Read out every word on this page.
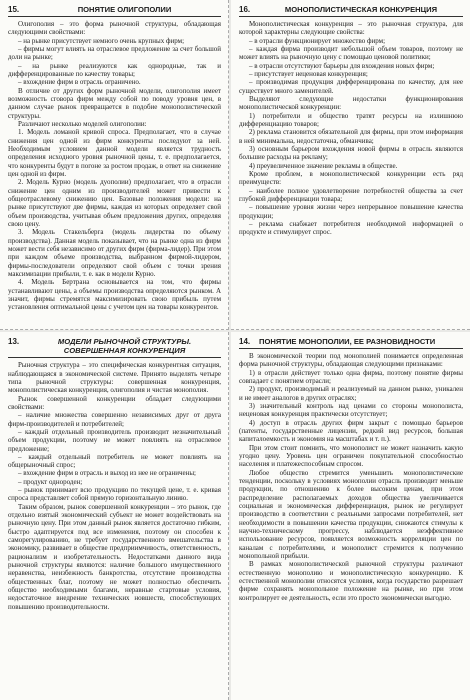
15.	ПОНЯТИЕ ОЛИГОПОЛИИ

Олигополия – это форма рыночной структуры, обладающая следующими свойствами:

– на рынке присутствует немного очень крупных фирм;

– фирмы могут влиять на отраслевое предложение за счет большой доли на рынке;

– на рынке реализуются как однородные, так и дифференцированные по качеству товары;

– вхождение фирм в отрасль ограничено.

В отличие от других форм рыночной модели, олигополия имеет возможность сговора фирм между собой по поводу уровня цен, в данном случае рынок превращается в подобие монополистической структуры.

Различают несколько моделей олигополии:

1. Модель ломаной кривой спроса. Предполагает, что в случае снижения цен одной из фирм конкуренты последуют за ней. Необходимым условием данной модели является трудность определения исходного уровня рыночной цены, т. е. предполагается, что конкуренты будут в погоне за ростом продаж, в ответ на снижение цен одной из фирм.

2. Модель Курно (модель дуополии) предполагает, что в отрасли снижение цен одним из производителей может привести к общеотраслевому снижению цен. Базовые положения модели: на рынке присутствуют две фирмы, каждая из которых определяет свой объем производства, учитывая объем предложения других, определяя свою цену.

3. Модель Стакельберга (модель лидерства по объему производства). Данная модель показывает, что на рынке одна из фирм может вести себя независимо от других фирм (фирма-лидер). При этом при каждом объеме производства, выбранном фирмой-лидером, фирмы-последователи определяют свой объем с точки зрения максимизации прибыли, т. е. как в модели Курно.

4. Модель Бертрана основывается на том, что фирмы устанавливают цены, а объемы производства определяются рынком. А значит, фирмы стремятся максимизировать свою прибыль путем установления оптимальной цены с учетом цен на товары конкурентов.

16.	МОНОПОЛИСТИЧЕСКАЯ КОНКУРЕНЦИЯ

Монополистическая конкуренция – это рыночная структура, для которой характерны следующие свойства:

– в отрасли функционирует множество фирм;

– каждая фирма производит небольшой объем товаров, поэтому не может влиять на рыночную цену с помощью ценовой политики;

– в отрасли отсутствуют барьеры для вхождения новых фирм;

– присутствует неценовая конкуренция;

– производимая продукция дифференцирована по качеству, для нее существует много заменителей.

Выделяют следующие недостатки функционирования монополистической конкуренции:

1) потребители и общество тратят ресурсы на излишнюю дифференциацию товаров;

2) реклама становится обязательной для фирмы, при этом информация в ней минимальна, недостаточна, обманчива;

3) основным барьером вхождения новой фирмы в отрасль являются большие расходы на рекламу;

4) преувеличенное значение рекламы в обществе.

Кроме проблем, в монополистической конкуренции есть ряд преимуществ:

– наиболее полное удовлетворение потребностей общества за счет глубокой дифференциации товара;

– повышение уровня жизни через непрерывное повышение качества продукции;

– реклама снабжает потребителя необходимой информацией о продукте и стимулирует спрос.

13.	МОДЕЛИ РЫНОЧНОЙ СТРУКТУРЫ. СОВЕРШЕННАЯ КОНКУРЕНЦИЯ

Рыночная структура – это специфическая конкурентная ситуация, наблюдающаяся в экономической системе. Принято выделять четыре типа рыночной структуры: совершенная конкуренция, монополистическая конкуренция, олигополия и чистая монополия.

Рынок совершенной конкуренции обладает следующими свойствами:

– наличие множества совершенно независимых друг от друга фирм-производителей и потребителей;

– каждый отдельный производитель производит незначительный объем продукции, поэтому не может повлиять на отраслевое предложение;

– каждый отдельный потребитель не может повлиять на общерыночный спрос;

– вхождение фирм в отрасль и выход из нее не ограничены;

– продукт однороден;

– рынок принимает всю продукцию по текущей цене, т. е. кривая спроса представляет собой прямую горизонтальную линию.

Таким образом, рынок совершенной конкуренции – это рынок, где отдельно взятый экономический субъект не может воздействовать на рыночную цену. При этом данный рынок является достаточно гибким, быстро адаптируется под все изменения, поэтому он способен к саморегулированию, не требует государственного вмешательства в экономику, развивает в обществе предприимчивость, ответственность, рационализм и изобретательность. Недостатками данного вида рыночной структуры являются: наличие большого имущественного неравенства, неизбежность банкротства, отсутствие производства общественных благ, поэтому не может полностью обеспечить общество необходимыми благами, неравные стартовые условия, недостаточное внедрение технических новшеств, способствующих повышению производительности.

14.	ПОНЯТИЕ МОНОПОЛИИ, ЕЕ РАЗНОВИДНОСТИ

В экономической теории под монополией понимается определенная форма рыночной структуры, обладающая следующими признаками:

1) в отрасли действует только одна фирма, поэтому понятие фирмы совпадает с понятием отрасли;

2) продукт, производимый и реализуемый на данном рынке, уникален и не имеет аналогов в других отраслях;

3) значительный контроль над ценами со стороны монополиста, неценовая конкуренция практически отсутствует;

4) доступ в отрасль других фирм закрыт с помощью барьеров (патенты, государственные лицензии, редкий вид ресурсов, большая капиталоемкость и экономия на масштабах и т. п.).

При этом стоит помнить, что монополист не может назначить какую угодно цену. Уровень цен ограничен покупательной способностью населения и платежеспособным спросом.

Любое общество стремится уменьшить монополистические тенденции, поскольку в условиях монополии отрасль производит меньше продукции, по отношению к более высоким ценам, при этом распределение располагаемых доходов общества увеличивается социальная и экономическая дифференциация, рынок не регулирует производство в соответствии с реальными запросами потребителей, нет необходимости в повышении качества продукции, снижаются стимулы к научно-техническому прогрессу, наблюдается неэффективное использование ресурсов, появляется возможность корреляции цен по каналам с потребителями, и монополист стремится к получению монопольной прибыли.

В рамках монополистической рыночной структуры различают естественную монополию и монополистическую конкуренцию. К естественной монополии относятся условия, когда государство разрешает фирме сохранять монопольное положение на рынке, но при этом контролирует ее деятельность, если это просто экономически выгодно.
